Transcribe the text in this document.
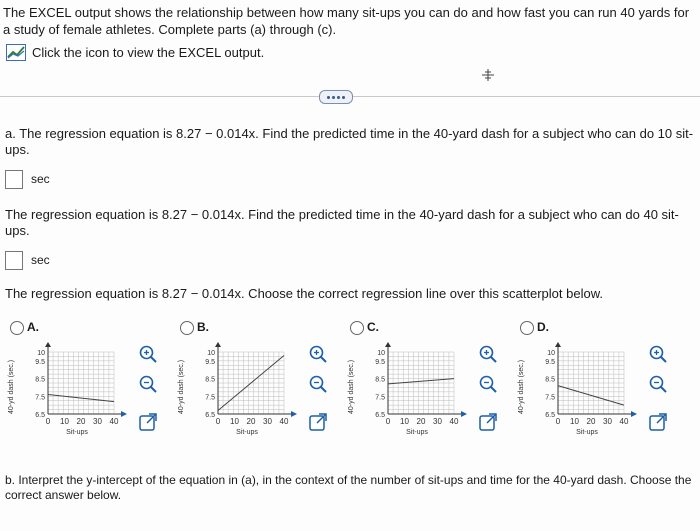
The EXCEL output shows the relationship between how many sit-ups you can do and how fast you can run 40 yards for a study of female athletes. Complete parts (a) through (c).

Click the icon to view the EXCEL output.

a. The regression equation is 8.27 − 0.014x. Find the predicted time in the 40-yard dash for a subject who can do 10 sit-ups.

sec

The regression equation is 8.27 − 0.014x. Find the predicted time in the 40-yard dash for a subject who can do 40 sit-ups.

sec

The regression equation is 8.27 − 0.014x. Choose the correct regression line over this scatterplot below.

A.
40-yd dash (sec.)
6.5
7.5
8.5
9.5
10
0 10 20 30 40
Sit-ups
B.
40-yd dash (sec.)
6.5
7.5
8.5
9.5
10
0 10 20 30 40
Sit-ups
C.
40-yd dash (sec.)
6.5
7.5
8.5
9.5
10
0 10 20 30 40
Sit-ups
D.
40-yd dash (sec.)
6.5
7.5
8.5
9.5
10
0 10 20 30 40
Sit-ups

b. Interpret the y-intercept of the equation in (a), in the context of the number of sit-ups and time for the 40-yard dash. Choose the correct answer below.
